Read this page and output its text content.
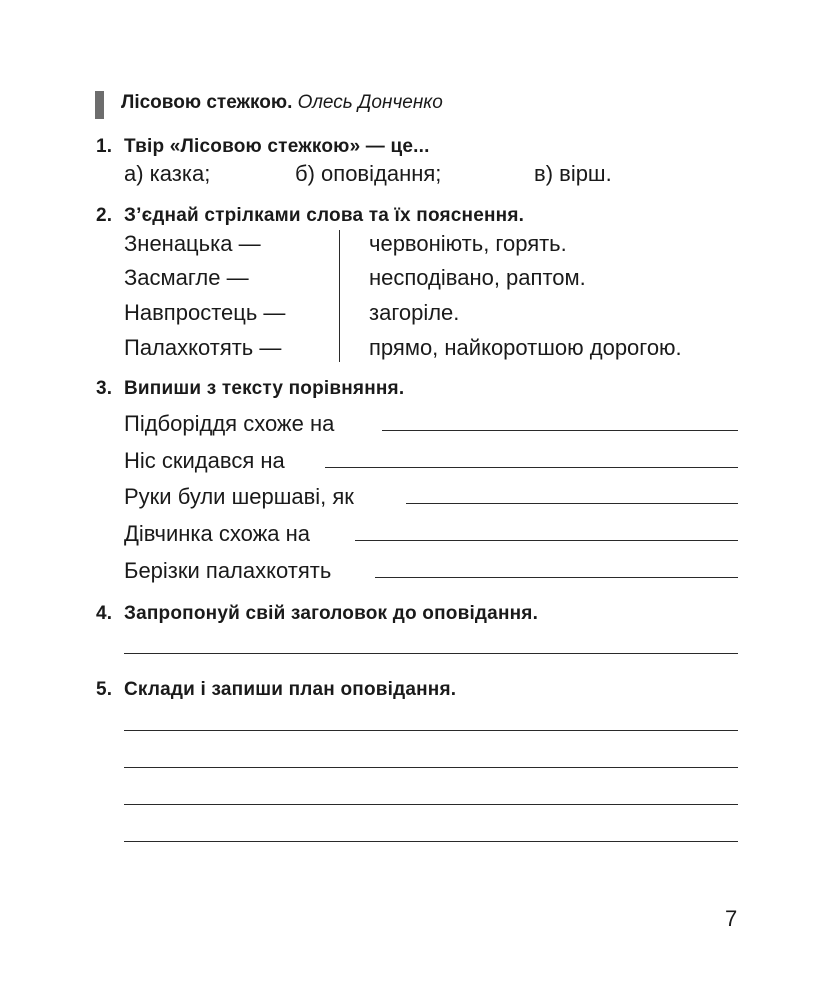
Лісовою стежкою. Олесь Донченко
1. Твір «Лісовою стежкою» — це...
а) казка;	б) оповідання;	в) вірш.
2. З’єднай стрілками слова та їх пояснення.
Зненацька —
Засмагле —
Навпростець —
Палахкотять —
червоніють, горять.
несподівано, раптом.
загоріле.
прямо, найкоротшою дорогою.
3. Випиши з тексту порівняння.
Підборіддя схоже на
Ніс скидався на
Руки були шершаві, як
Дівчинка схожа на
Берізки палахкотять
4. Запропонуй свій заголовок до оповідання.
5. Склади і запиши план оповідання.
7
